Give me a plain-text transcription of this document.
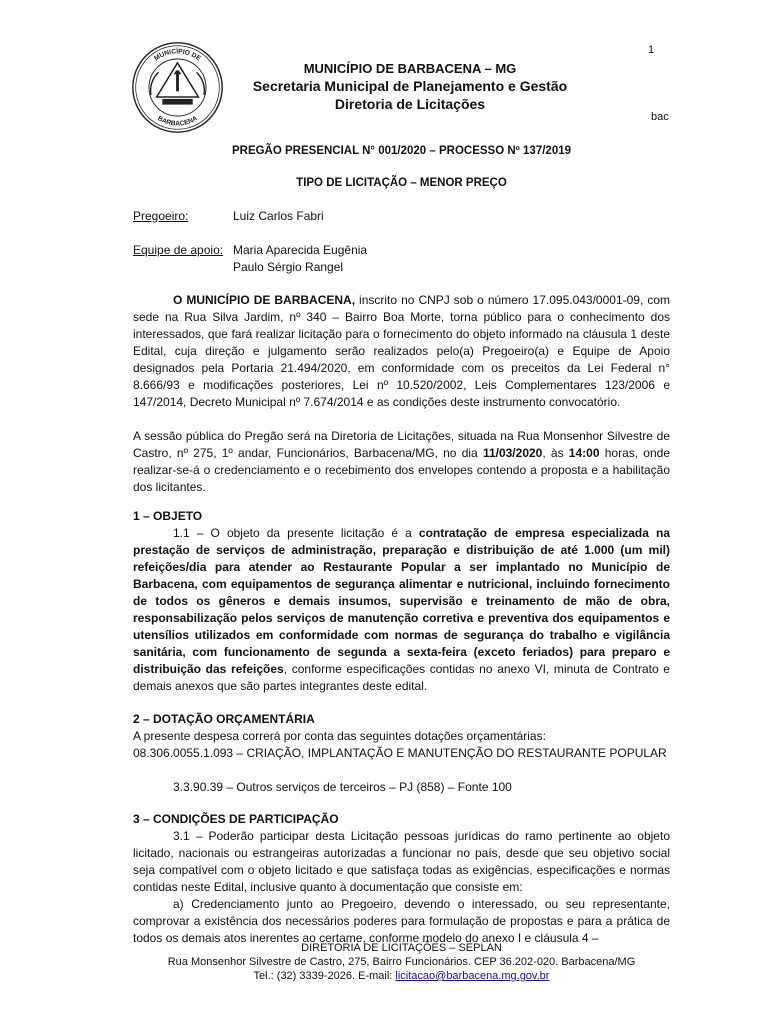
1
MUNICÍPIO DE
BARBACENA
MUNICÍPIO DE BARBACENA – MG
Secretaria Municipal de Planejamento e Gestão
Diretoria de Licitações
bac
PREGÃO PRESENCIAL N° 001/2020 – PROCESSO Nº 137/2019
TIPO DE LICITAÇÃO – MENOR PREÇO
Pregoeiro:	Luiz Carlos Fabri
Equipe de apoio: Maria Aparecida Eugênia
Paulo Sérgio Rangel

O MUNICÍPIO DE BARBACENA, inscrito no CNPJ sob o número 17.095.043/0001-09, com sede na Rua Silva Jardim, nº 340 – Bairro Boa Morte, torna público para o conhecimento dos interessados, que fará realizar licitação para o fornecimento do objeto informado na cláusula 1 deste Edital, cuja direção e julgamento serão realizados pelo(a) Pregoeiro(a) e Equipe de Apoio designados pela Portaria 21.494/2020, em conformidade com os preceitos da Lei Federal n° 8.666/93 e modificações posteriores, Lei nº 10.520/2002, Leis Complementares 123/2006 e 147/2014, Decreto Municipal nº 7.674/2014 e as condições deste instrumento convocatório.

A sessão pública do Pregão será na Diretoria de Licitações, situada na Rua Monsenhor Silvestre de Castro, nº 275, 1º andar, Funcionários, Barbacena/MG, no dia 11/03/2020, às 14:00 horas, onde realizar-se-á o credenciamento e o recebimento dos envelopes contendo a proposta e a habilitação dos licitantes.

1 – OBJETO

1.1 – O objeto da presente licitação é a contratação de empresa especializada na prestação de serviços de administração, preparação e distribuição de até 1.000 (um mil) refeições/dia para atender ao Restaurante Popular a ser implantado no Município de Barbacena, com equipamentos de segurança alimentar e nutricional, incluindo fornecimento de todos os gêneros e demais insumos, supervisão e treinamento de mão de obra, responsabilização pelos serviços de manutenção corretiva e preventiva dos equipamentos e utensílios utilizados em conformidade com normas de segurança do trabalho e vigilância sanitária, com funcionamento de segunda a sexta-feira (exceto feriados) para preparo e distribuição das refeições, conforme especificações contidas no anexo VI, minuta de Contrato e demais anexos que são partes integrantes deste edital.

2 – DOTAÇÃO ORÇAMENTÁRIA

A presente despesa correrá por conta das seguintes dotações orçamentárias:

08.306.0055.1.093 – CRIAÇÃO, IMPLANTAÇÃO E MANUTENÇÃO DO RESTAURANTE POPULAR

3.3.90.39 – Outros serviços de terceiros – PJ (858) – Fonte 100

3 – CONDIÇÕES DE PARTICIPAÇÃO

3.1 – Poderão participar desta Licitação pessoas jurídicas do ramo pertinente ao objeto licitado, nacionais ou estrangeiras autorizadas a funcionar no país, desde que seu objetivo social seja compatível com o objeto licitado e que satisfaça todas as exigências, especificações e normas contidas neste Edital, inclusive quanto à documentação que consiste em:

a) Credenciamento junto ao Pregoeiro, devendo o interessado, ou seu representante, comprovar a existência dos necessários poderes para formulação de propostas e para a prática de todos os demais atos inerentes ao certame, conforme modelo do anexo I e cláusula 4 –

DIRETORIA DE LICITAÇÕES – SEPLAN
Rua Monsenhor Silvestre de Castro, 275, Bairro Funcionários. CEP 36.202-020. Barbacena/MG
Tel.: (32) 3339-2026. E-mail: licitacao@barbacena.mg.gov.br
